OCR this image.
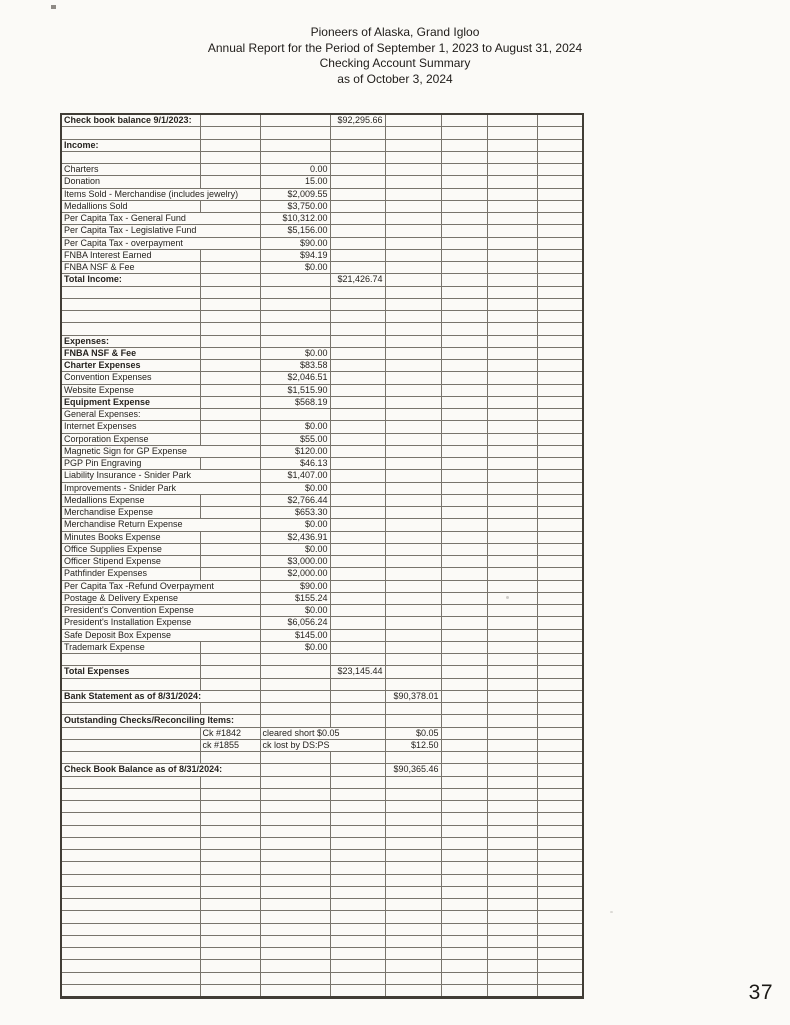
Pioneers of Alaska, Grand Igloo
Annual Report for the Period of September 1, 2023 to August 31, 2024
Checking Account Summary
as of October 3, 2024
Check book balance 9/1/2023:			$92,295.66				

Income:							

Charters		0.00					
Donation		15.00					
Items Sold - Merchandise (includes jewelry)		$2,009.55					
Medallions Sold		$3,750.00					
Per Capita Tax - General Fund		$10,312.00					
Per Capita Tax - Legislative Fund		$5,156.00					
Per Capita Tax - overpayment		$90.00					
FNBA Interest Earned		$94.19					
FNBA NSF & Fee		$0.00					
Total Income:			$21,426.74				

Expenses:							
FNBA NSF & Fee		$0.00					
Charter Expenses		$83.58					
Convention Expenses		$2,046.51					
Website Expense		$1,515.90					
Equipment Expense		$568.19					
General Expenses:							
Internet Expenses		$0.00					
Corporation Expense		$55.00					
Magnetic Sign for GP Expense		$120.00					
PGP Pin Engraving		$46.13					
Liability Insurance - Snider Park		$1,407.00					
Improvements - Snider Park		$0.00					
Medallions Expense		$2,766.44					
Merchandise Expense		$653.30					
Merchandise Return Expense		$0.00					
Minutes Books Expense		$2,436.91					
Office Supplies Expense		$0.00					
Officer Stipend Expense		$3,000.00					
Pathfinder Expenses		$2,000.00					
Per Capita Tax -Refund Overpayment		$90.00					
Postage & Delivery Expense		$155.24					
President's Convention Expense		$0.00					
President's Installation Expense		$6,056.24					
Safe Deposit Box Expense		$145.00					
Trademark Expense		$0.00					

Total Expenses			$23,145.44				

Bank Statement as of 8/31/2024:				$90,378.01			

Outstanding Checks/Reconciling Items:							
	Ck #1842	cleared short $0.05		$0.05			
	ck #1855	ck lost by DS:PS		$12.50			

Check Book Balance as of 8/31/2024:				$90,365.46			

37
